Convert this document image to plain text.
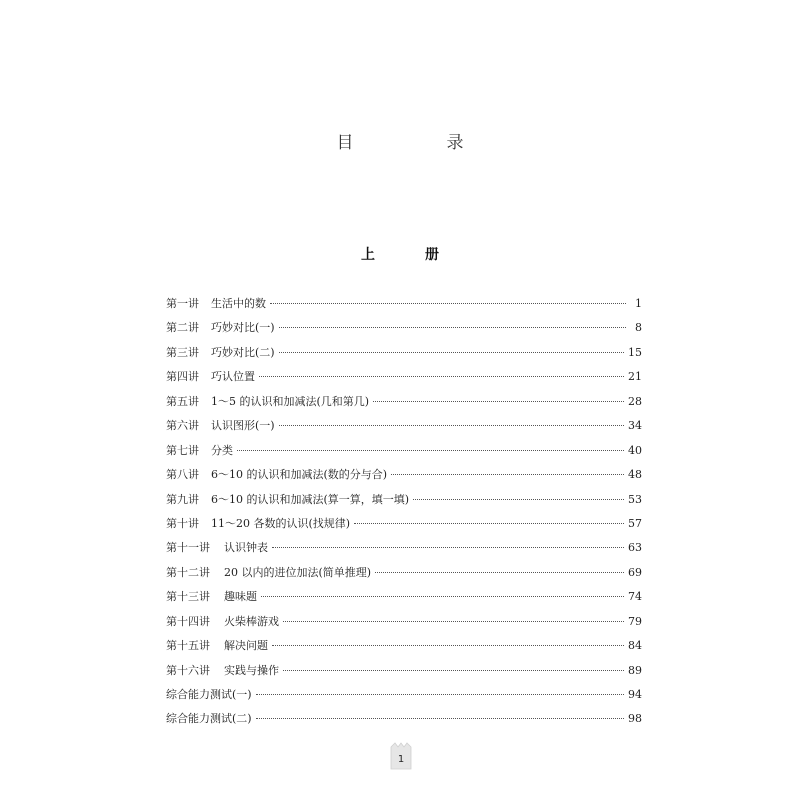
目　录
上　册
第一讲 生活中的数	1
第二讲 巧妙对比(一)	8
第三讲 巧妙对比(二)	15
第四讲 巧认位置	21
第五讲 1～5 的认识和加减法(几和第几)	28
第六讲 认识图形(一)	34
第七讲 分类	40
第八讲 6～10 的认识和加减法(数的分与合)	48
第九讲 6～10 的认识和加减法(算一算，填一填)	53
第十讲 11～20 各数的认识(找规律)	57
第十一讲 认识钟表	63
第十二讲 20 以内的进位加法(简单推理)	69
第十三讲 趣味题	74
第十四讲 火柴棒游戏	79
第十五讲 解决问题	84
第十六讲 实践与操作	89
综合能力测试(一)	94
综合能力测试(二)	98
1
